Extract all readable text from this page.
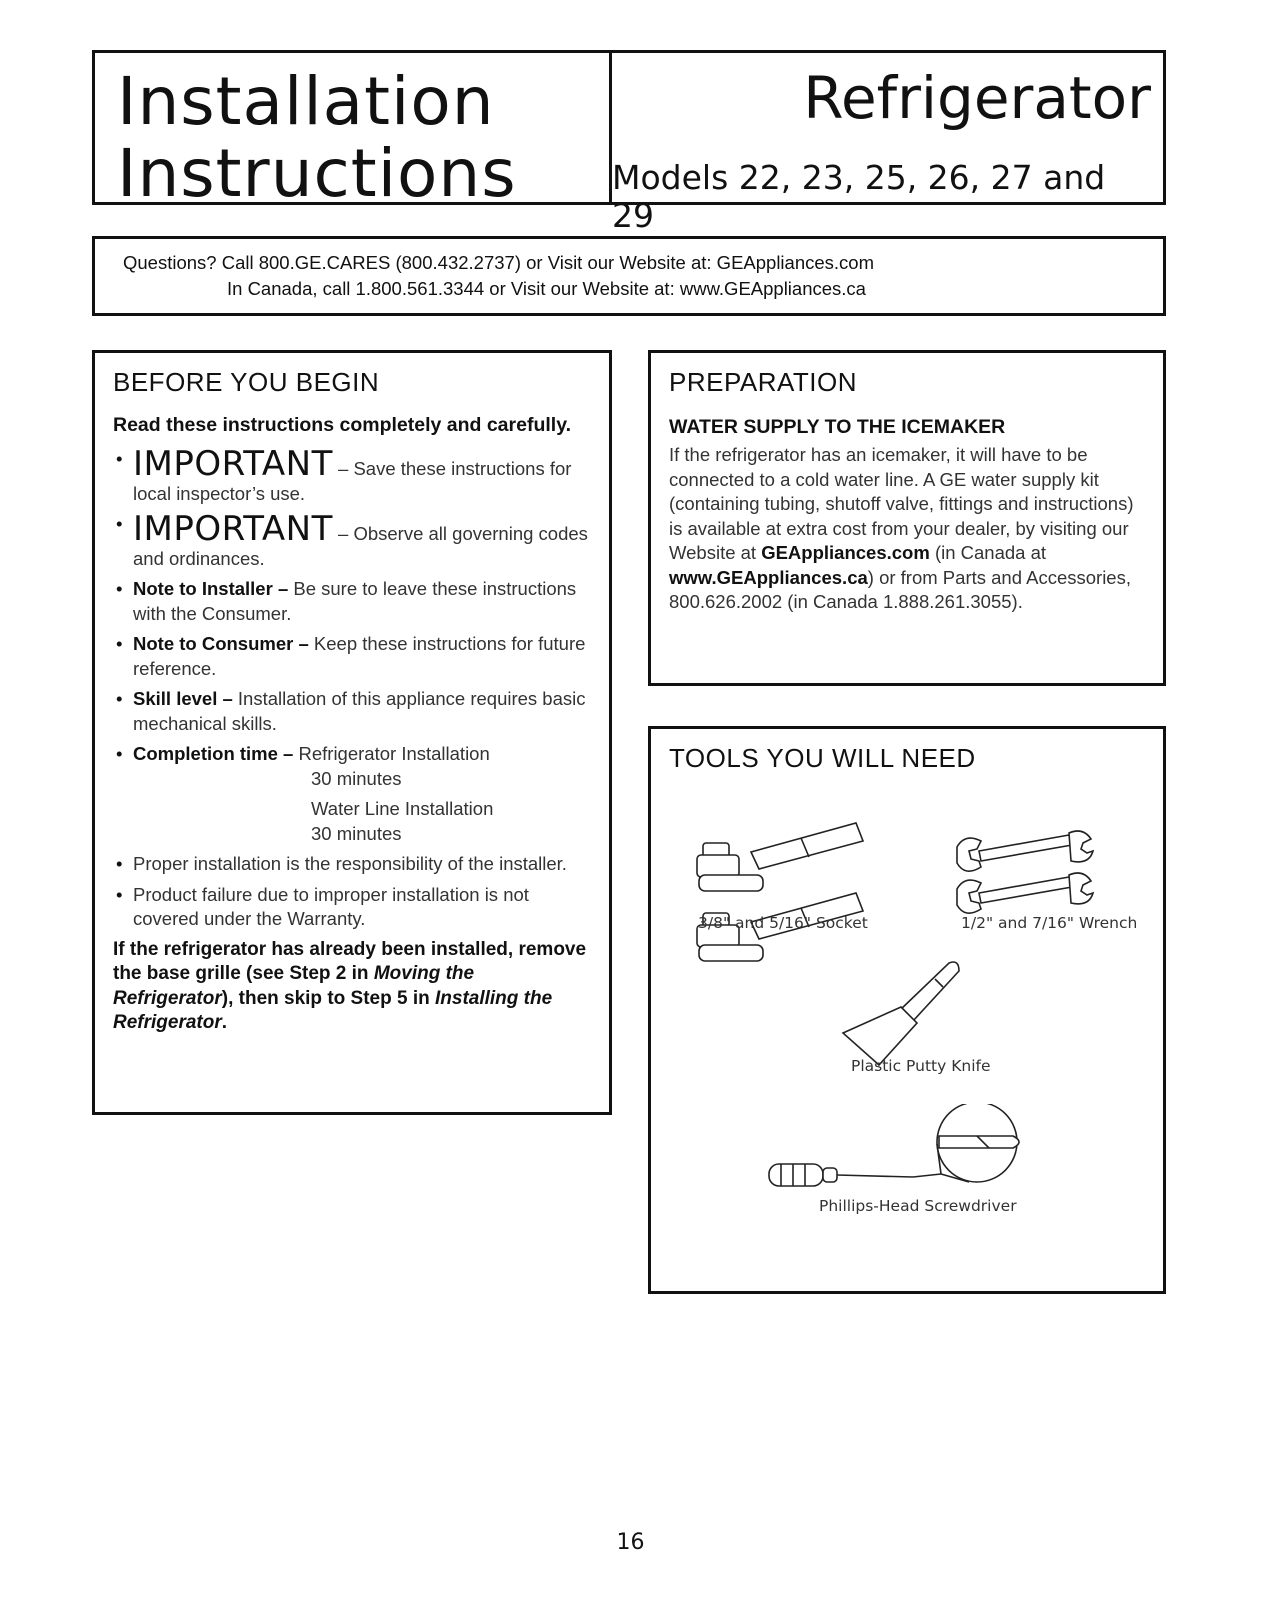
Installation
Instructions
Refrigerator
Models 22, 23, 25, 26, 27 and 29
Questions? Call 800.GE.CARES (800.432.2737) or Visit our Website at: GEAppliances.com
In Canada, call 1.800.561.3344 or Visit our Website at: www.GEAppliances.ca
BEFORE YOU BEGIN

Read these instructions completely and carefully.

• IMPORTANT – Save these instructions for local inspector’s use.
• IMPORTANT – Observe all governing codes and ordinances.
• Note to Installer – Be sure to leave these instructions with the Consumer.
• Note to Consumer – Keep these instructions for future reference.
• Skill level – Installation of this appliance requires basic mechanical skills.
• Completion time – Refrigerator Installation
30 minutes
Water Line Installation
30 minutes
• Proper installation is the responsibility of the installer.
• Product failure due to improper installation is not covered under the Warranty.

If the refrigerator has already been installed, remove the base grille (see Step 2 in Moving the Refrigerator), then skip to Step 5 in Installing the Refrigerator.

PREPARATION

WATER SUPPLY TO THE ICEMAKER

If the refrigerator has an icemaker, it will have to be connected to a cold water line. A GE water supply kit (containing tubing, shutoff valve, fittings and instructions) is available at extra cost from your dealer, by visiting our Website at GEAppliances.com (in Canada at www.GEAppliances.ca) or from Parts and Accessories, 800.626.2002 (in Canada 1.888.261.3055).

TOOLS YOU WILL NEED
3/8" and 5/16" Socket	1/2" and 7/16" Wrench
Plastic Putty Knife
Phillips-Head Screwdriver
16
